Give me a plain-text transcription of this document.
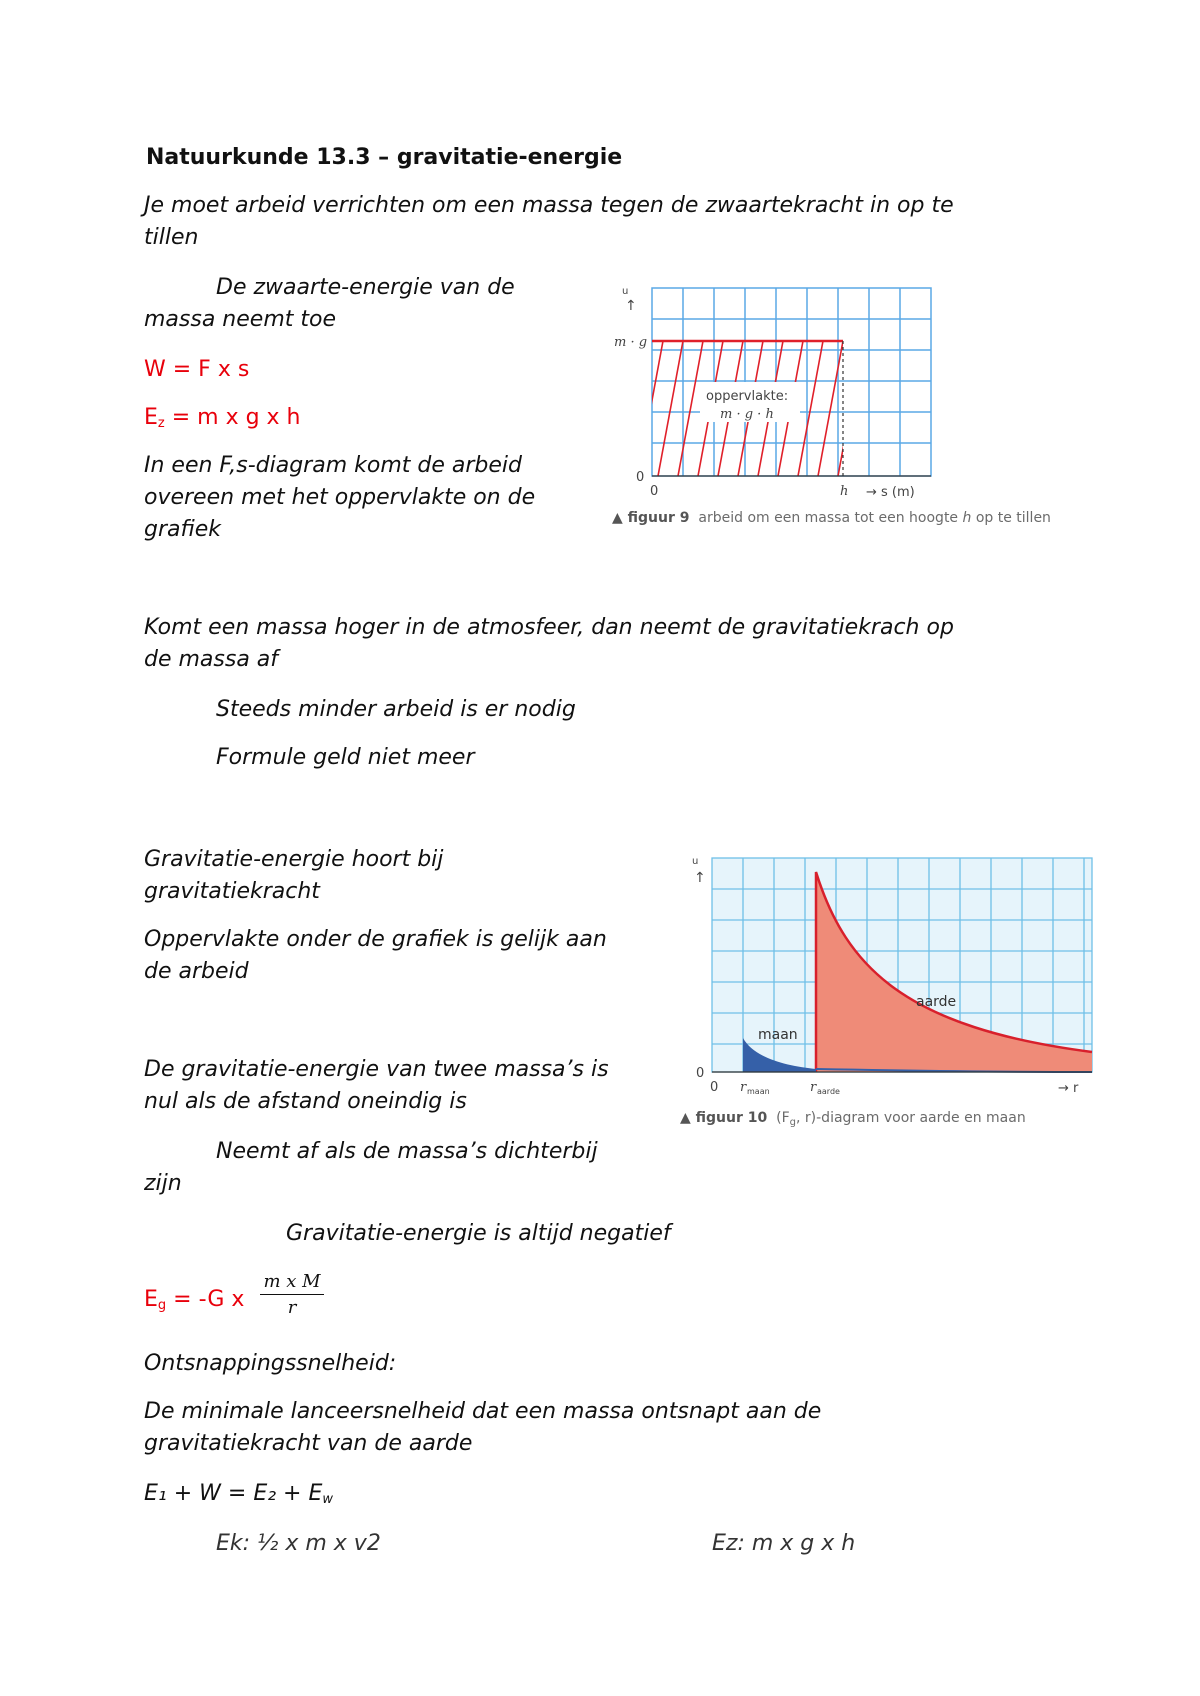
Natuurkunde 13.3 – gravitatie-energie

Je moet arbeid verrichten om een massa tegen de zwaartekracht in op te

tillen

De zwaarte-energie van de

massa neemt toe

W = F x s

$E_z = m$ x g x h

In een F,s-diagram komt de arbeid

overeen met het oppervlakte on de

grafiek

Komt een massa hoger in de atmosfeer, dan neemt de gravitatiekrach op

de massa af

Steeds minder arbeid is er nodig

Formule geld niet meer

Gravitatie-energie hoort bij

gravitatiekracht

Oppervlakte onder de grafiek is gelijk aan

de arbeid

De gravitatie-energie van twee massa’s is

nul als de afstand oneindig is

Neemt af als de massa’s dichterbij

zijn

Gravitatie-energie is altijd negatief

$E_g = -G$ x $\frac{\text{m x M}}{r}$

Ontsnappingssnelheid:

De minimale lanceersnelheid dat een massa ontsnapt aan de

gravitatiekracht van de aarde

$E_1 + W = E_2 + E_w$

Ek: ½ x m x v2	Ez: m x g x h

u
↑
m · g
0
0	h → s (m)
oppervlakte:
m · g · h
▲ figuur 9 arbeid om een massa tot een hoogte h op te tillen
aarde
maan
u
↑
0
0 r maan	r aarde	→ r
▲ figuur 10 ($F_g$, r)-diagram voor aarde en maan
